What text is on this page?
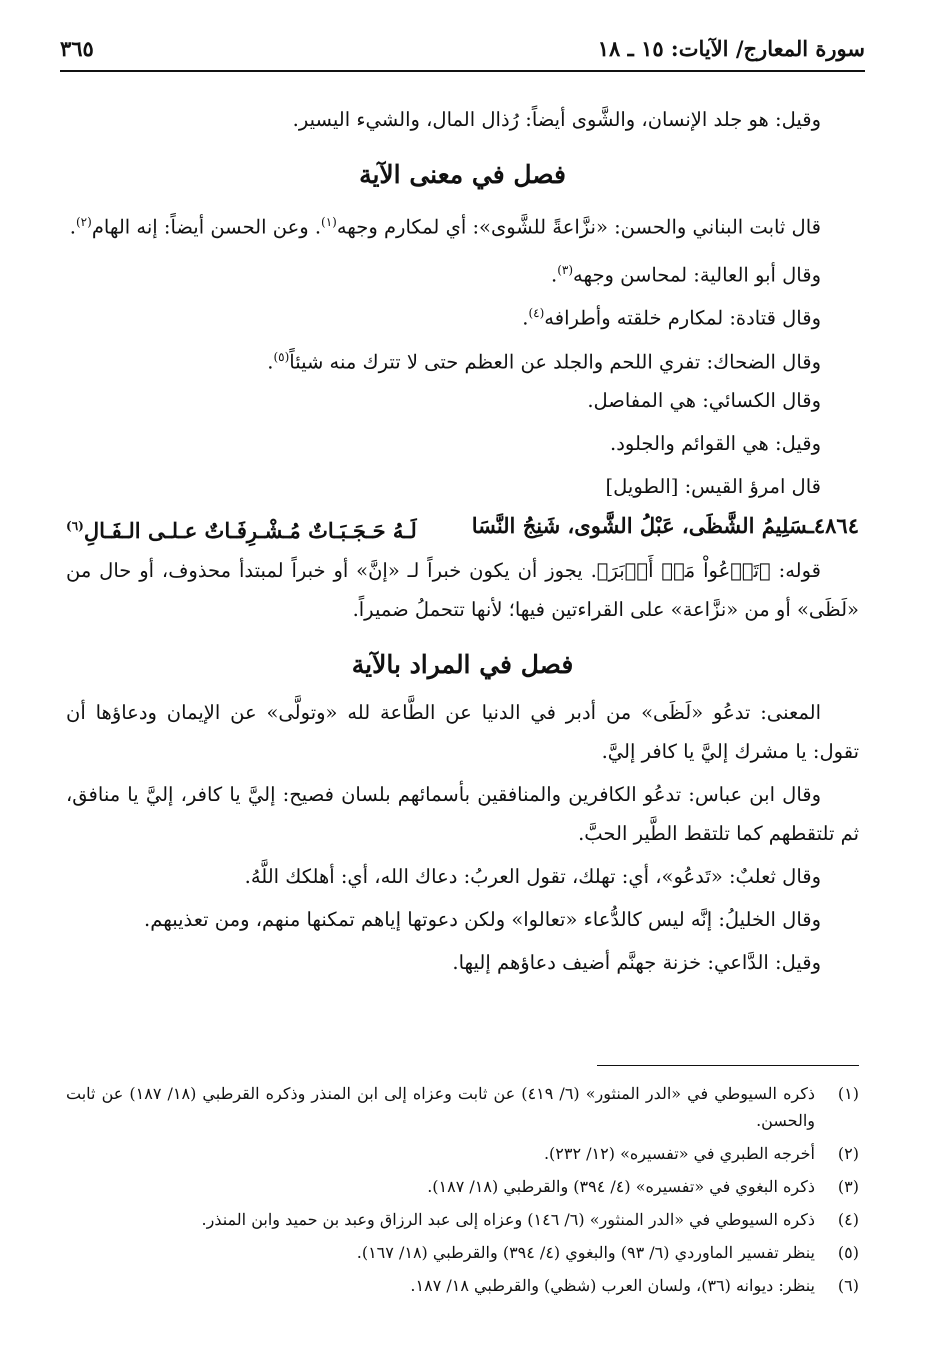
سورة المعارج/ الآيات: ١٥ ـ ١٨
٣٦٥

وقيل: هو جلد الإنسان، والشَّوى أيضاً: رُذال المال، والشيء اليسير.

فصل في معنى الآية

قال ثابت البناني والحسن: «نزَّاعةً للشَّوى»: أي لمكارم وجهه$^{(١)}$. وعن الحسن أيضاً: إنه الهام$^{(٢)}$.

وقال أبو العالية: لمحاسن وجهه$^{(٣)}$.

وقال قتادة: لمكارم خلقته وأطرافه$^{(٤)}$.

وقال الضحاك: تفري اللحم والجلد عن العظم حتى لا تترك منه شيئاً$^{(٥)}$.

وقال الكسائي: هي المفاصل.

وقيل: هي القوائم والجلود.

قال امرؤ القيس: [الطويل]

٤٨٦٤ـسَلِيمُ الشَّظَى، عَبْلُ الشَّوى، شَنِجُ النَّسَا
لَـهُ حَـجَـبَـاتٌ مُـشْـرِفَـاتٌ عـلـى الـفَـالِ(٦)

قوله: ﴿تَدۡعُواْ مَنۡ أَدۡبَرَ﴾. يجوز أن يكون خبراً لـ «إنَّ» أو خبراً لمبتدأ محذوف، أو حال من «لَظَى» أو من «نزَّاعة» على القراءتين فيها؛ لأنها تتحملُ ضميراً.

فصل في المراد بالآية

المعنى: تدعُو «لَظَى» من أدبر في الدنيا عن الطَّاعة لله «وتولَّى» عن الإيمان ودعاؤها أن تقول: يا مشرك إليَّ يا كافر إليَّ.

وقال ابن عباس: تدعُو الكافرين والمنافقين بأسمائهم بلسان فصيح: إليَّ يا كافر، إليَّ يا منافق، ثم تلتقطهم كما تلتقط الطَّير الحبَّ.

وقال ثعلبٌ: «تَدعُو»، أي: تهلك، تقول العربُ: دعاك الله، أي: أهلكك اللَّهُ.

وقال الخليلُ: إنَّه ليس كالدُّعاء «تعالوا» ولكن دعوتها إياهم تمكنها منهم، ومن تعذيبهم.

وقيل: الدَّاعي: خزنة جهنَّم أضيف دعاؤهم إليها.

(١)
ذكره السيوطي في «الدر المنثور» (٦/ ٤١٩) عن ثابت وعزاه إلى ابن المنذر وذكره القرطبي (١٨/ ١٨٧) عن ثابت والحسن.

(٢)
أخرجه الطبري في «تفسيره» (١٢/ ٢٣٢).

(٣)
ذكره البغوي في «تفسيره» (٤/ ٣٩٤) والقرطبي (١٨/ ١٨٧).

(٤)
ذكره السيوطي في «الدر المنثور» (٦/ ١٤٦) وعزاه إلى عبد الرزاق وعبد بن حميد وابن المنذر.

(٥)
ينظر تفسير الماوردي (٦/ ٩٣) والبغوي (٤/ ٣٩٤) والقرطبي (١٨/ ١٦٧).

(٦)
ينظر: ديوانه (٣٦)، ولسان العرب (شظي) والقرطبي ١٨/ ١٨٧.
